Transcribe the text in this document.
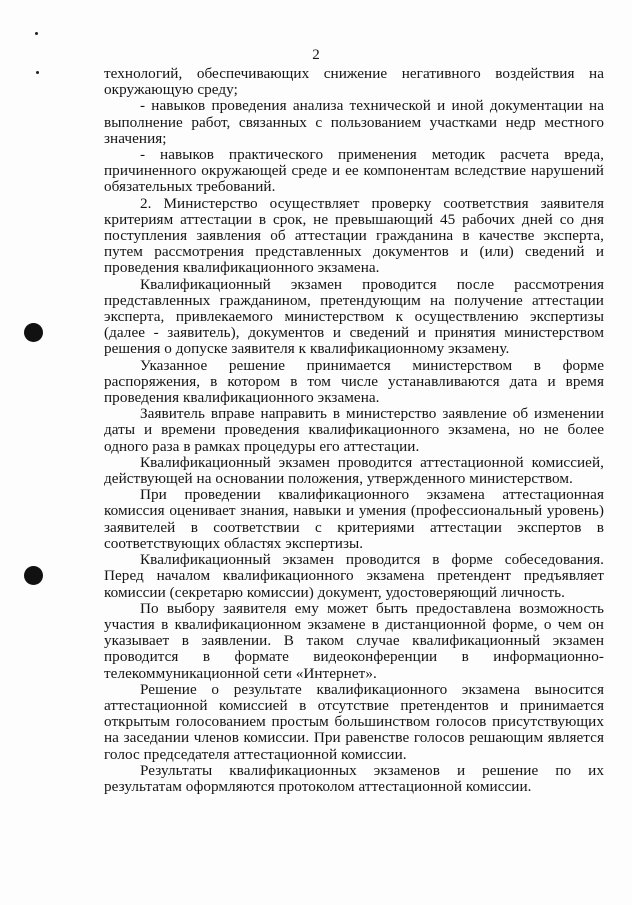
2

технологий, обеспечивающих снижение негативного воздействия на окружающую среду;

- навыков проведения анализа технической и иной документации на выполнение работ, связанных с пользованием участками недр местного значения;

- навыков практического применения методик расчета вреда, причиненного окружающей среде и ее компонентам вследствие нарушений обязательных требований.

2. Министерство осуществляет проверку соответствия заявителя критериям аттестации в срок, не превышающий 45 рабочих дней со дня поступления заявления об аттестации гражданина в качестве эксперта, путем рассмотрения представленных документов и (или) сведений и проведения квалификационного экзамена.

Квалификационный экзамен проводится после рассмотрения представленных гражданином, претендующим на получение аттестации эксперта, привлекаемого министерством к осуществлению экспертизы (далее - заявитель), документов и сведений и принятия министерством решения о допуске заявителя к квалификационному экзамену.

Указанное решение принимается министерством в форме распоряжения, в котором в том числе устанавливаются дата и время проведения квалификационного экзамена.

Заявитель вправе направить в министерство заявление об изменении даты и времени проведения квалификационного экзамена, но не более одного раза в рамках процедуры его аттестации.

Квалификационный экзамен проводится аттестационной комиссией, действующей на основании положения, утвержденного министерством.

При проведении квалификационного экзамена аттестационная комиссия оценивает знания, навыки и умения (профессиональный уровень) заявителей в соответствии с критериями аттестации экспертов в соответствующих областях экспертизы.

Квалификационный экзамен проводится в форме собеседования. Перед началом квалификационного экзамена претендент предъявляет комиссии (секретарю комиссии) документ, удостоверяющий личность.

По выбору заявителя ему может быть предоставлена возможность участия в квалификационном экзамене в дистанционной форме, о чем он указывает в заявлении. В таком случае квалификационный экзамен проводится в формате видеоконференции в информационно-телекоммуникационной сети «Интернет».

Решение о результате квалификационного экзамена выносится аттестационной комиссией в отсутствие претендентов и принимается открытым голосованием простым большинством голосов присутствующих на заседании членов комиссии. При равенстве голосов решающим является голос председателя аттестационной комиссии.

Результаты квалификационных экзаменов и решение по их результатам оформляются протоколом аттестационной комиссии.
